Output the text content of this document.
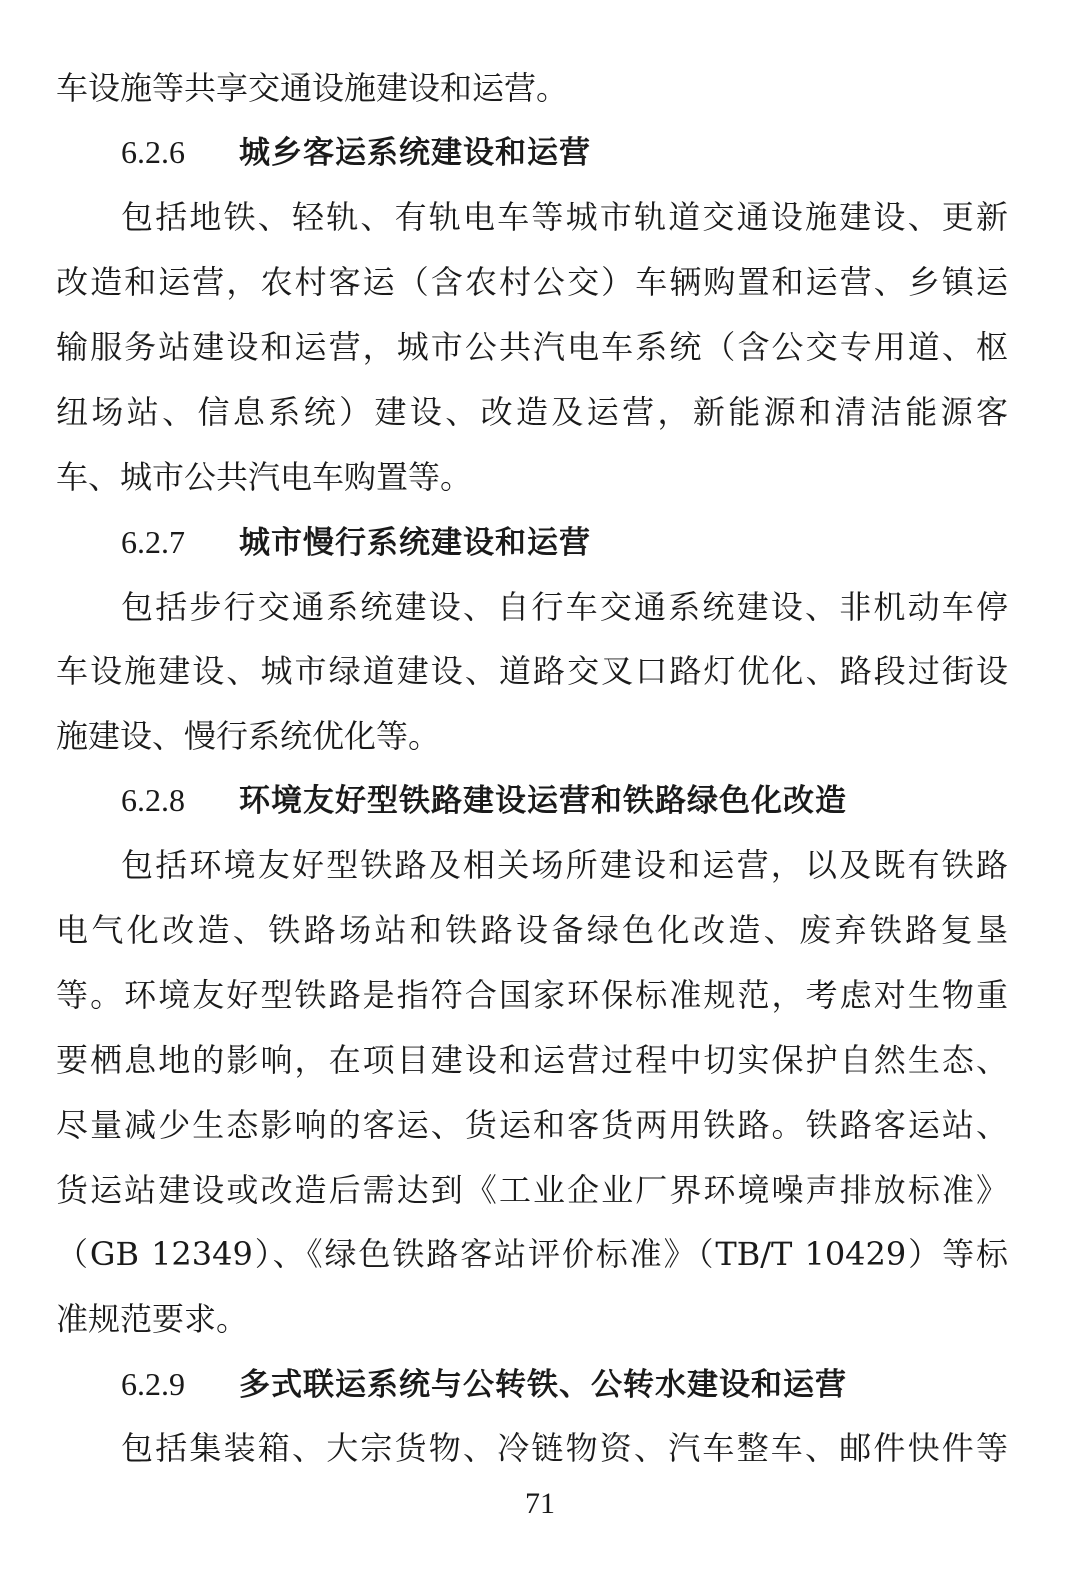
车设施等共享交通设施建设和运营。
6.2.6 城乡客运系统建设和运营
包括地铁、轻轨、有轨电车等城市轨道交通设施建设、更新
改造和运营，农村客运（含农村公交）车辆购置和运营、乡镇运
输服务站建设和运营，城市公共汽电车系统（含公交专用道、枢
纽场站、信息系统）建设、改造及运营，新能源和清洁能源客
车、城市公共汽电车购置等。
6.2.7 城市慢行系统建设和运营
包括步行交通系统建设、自行车交通系统建设、非机动车停
车设施建设、城市绿道建设、道路交叉口路灯优化、路段过街设
施建设、慢行系统优化等。
6.2.8 环境友好型铁路建设运营和铁路绿色化改造
包括环境友好型铁路及相关场所建设和运营，以及既有铁路
电气化改造、铁路场站和铁路设备绿色化改造、废弃铁路复垦
等。环境友好型铁路是指符合国家环保标准规范，考虑对生物重
要栖息地的影响，在项目建设和运营过程中切实保护自然生态、
尽量减少生态影响的客运、货运和客货两用铁路。铁路客运站、
货运站建设或改造后需达到《工业企业厂界环境噪声排放标准》
（GB 12349）、《绿色铁路客站评价标准》（TB/T 10429）等标
准规范要求。
6.2.9 多式联运系统与公转铁、公转水建设和运营
包括集装箱、大宗货物、冷链物资、汽车整车、邮件快件等
71
